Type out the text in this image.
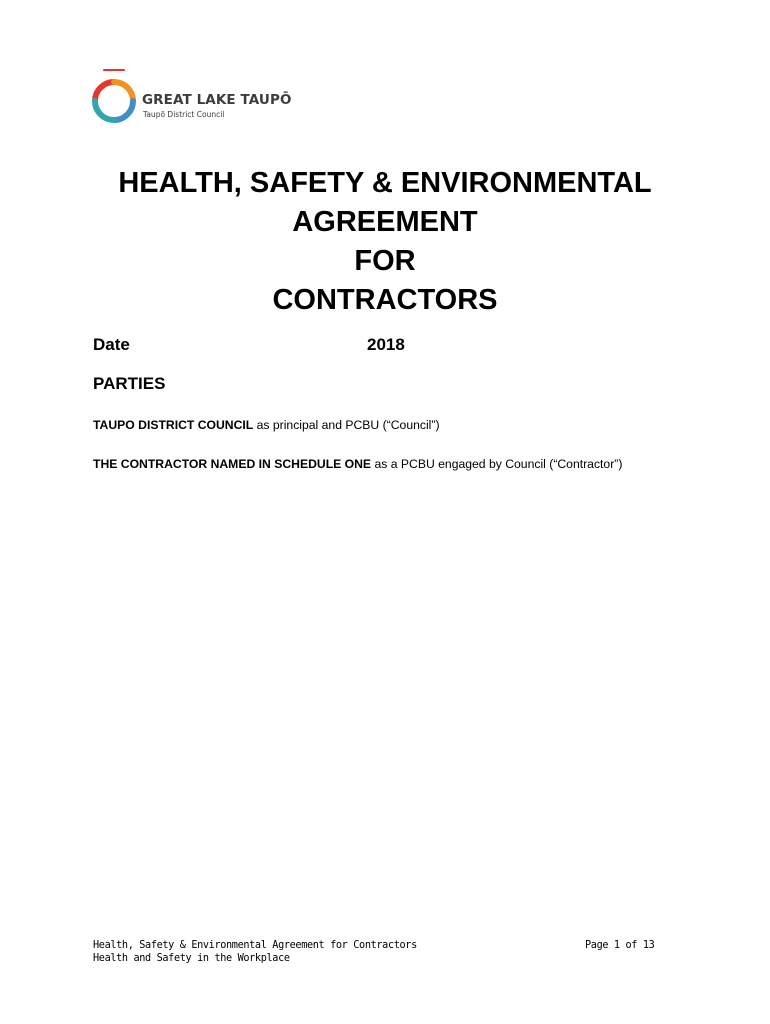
GREAT LAKE TAUPŌ
Taupō District Council
HEALTH, SAFETY & ENVIRONMENTAL
AGREEMENT
FOR
CONTRACTORS
Date	2018
PARTIES
TAUPO DISTRICT COUNCIL as principal and PCBU (“Council”)
THE CONTRACTOR NAMED IN SCHEDULE ONE as a PCBU engaged by Council (“Contractor”)
Health, Safety & Environmental Agreement for Contractors
Health and Safety in the Workplace
Page 1 of 13
